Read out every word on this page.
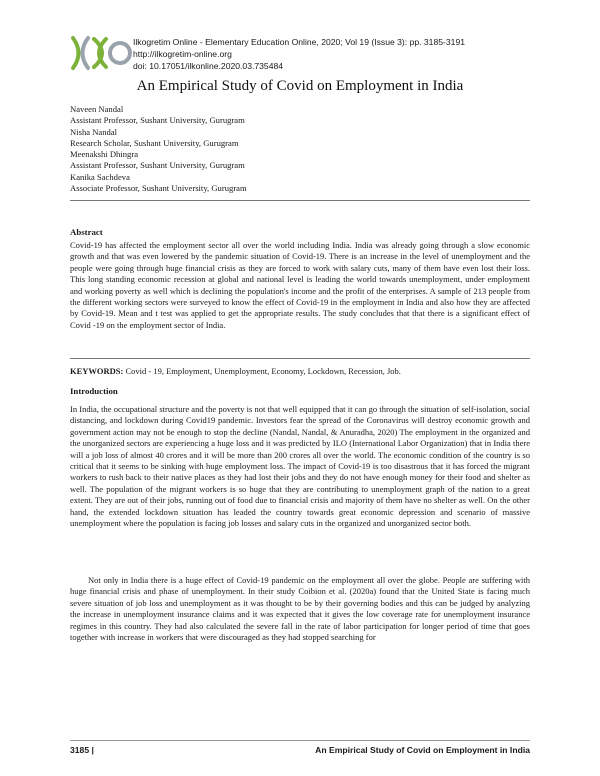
Ilkogretim Online - Elementary Education Online, 2020; Vol 19 (Issue 3): pp. 3185-3191
http://ilkogretim-online.org
doi: 10.17051/ilkonline.2020.03.735484
An Empirical Study of Covid on Employment in India
Naveen Nandal
Assistant Professor, Sushant University, Gurugram
Nisha Nandal
Research Scholar, Sushant University, Gurugram
Meenakshi Dhingra
Assistant Professor, Sushant University, Gurugram
Kanika Sachdeva
Associate Professor, Sushant University, Gurugram
Abstract

Covid-19 has affected the employment sector all over the world including India. India was already going through a slow economic growth and that was even lowered by the pandemic situation of Covid-19. There is an increase in the level of unemployment and the people were going through huge financial crisis as they are forced to work with salary cuts, many of them have even lost their loss. This long standing economic recession at global and national level is leading the world towards unemployment, under employment and working poverty as well which is declining the population's income and the profit of the enterprises. A sample of 213 people from the different working sectors were surveyed to know the effect of Covid-19 in the employment in India and also how they are affected by Covid-19. Mean and t test was applied to get the appropriate results. The study concludes that that there is a significant effect of Covid -19 on the employment sector of India.

KEYWORDS: Covid - 19, Employment, Unemployment, Economy, Lockdown, Recession, Job.
Introduction

In India, the occupational structure and the poverty is not that well equipped that it can go through the situation of self-isolation, social distancing, and lockdown during Covid19 pandemic. Investors fear the spread of the Coronavirus will destroy economic growth and government action may not be enough to stop the decline (Nandal, Nandal, & Anuradha, 2020) The employment in the organized and the unorganized sectors are experiencing a huge loss and it was predicted by ILO (International Labor Organization) that in India there will a job loss of almost 40 crores and it will be more than 200 crores all over the world. The economic condition of the country is so critical that it seems to be sinking with huge employment loss. The impact of Covid-19 is too disastrous that it has forced the migrant workers to rush back to their native places as they had lost their jobs and they do not have enough money for their food and shelter as well. The population of the migrant workers is so huge that they are contributing to unemployment graph of the nation to a great extent. They are out of their jobs, running out of food due to financial crisis and majority of them have no shelter as well. On the other hand, the extended lockdown situation has leaded the country towards great economic depression and scenario of massive unemployment where the population is facing job losses and salary cuts in the organized and unorganized sector both.

Not only in India there is a huge effect of Covid-19 pandemic on the employment all over the globe. People are suffering with huge financial crisis and phase of unemployment. In their study Coibion et al. (2020a) found that the United State is facing much severe situation of job loss and unemployment as it was thought to be by their governing bodies and this can be judged by analyzing the increase in unemployment insurance claims and it was expected that it gives the low coverage rate for unemployment insurance regimes in this country. They had also calculated the severe fall in the rate of labor participation for longer period of time that goes together with increase in workers that were discouraged as they had stopped searching for

3185 |	An Empirical Study of Covid on Employment in India
